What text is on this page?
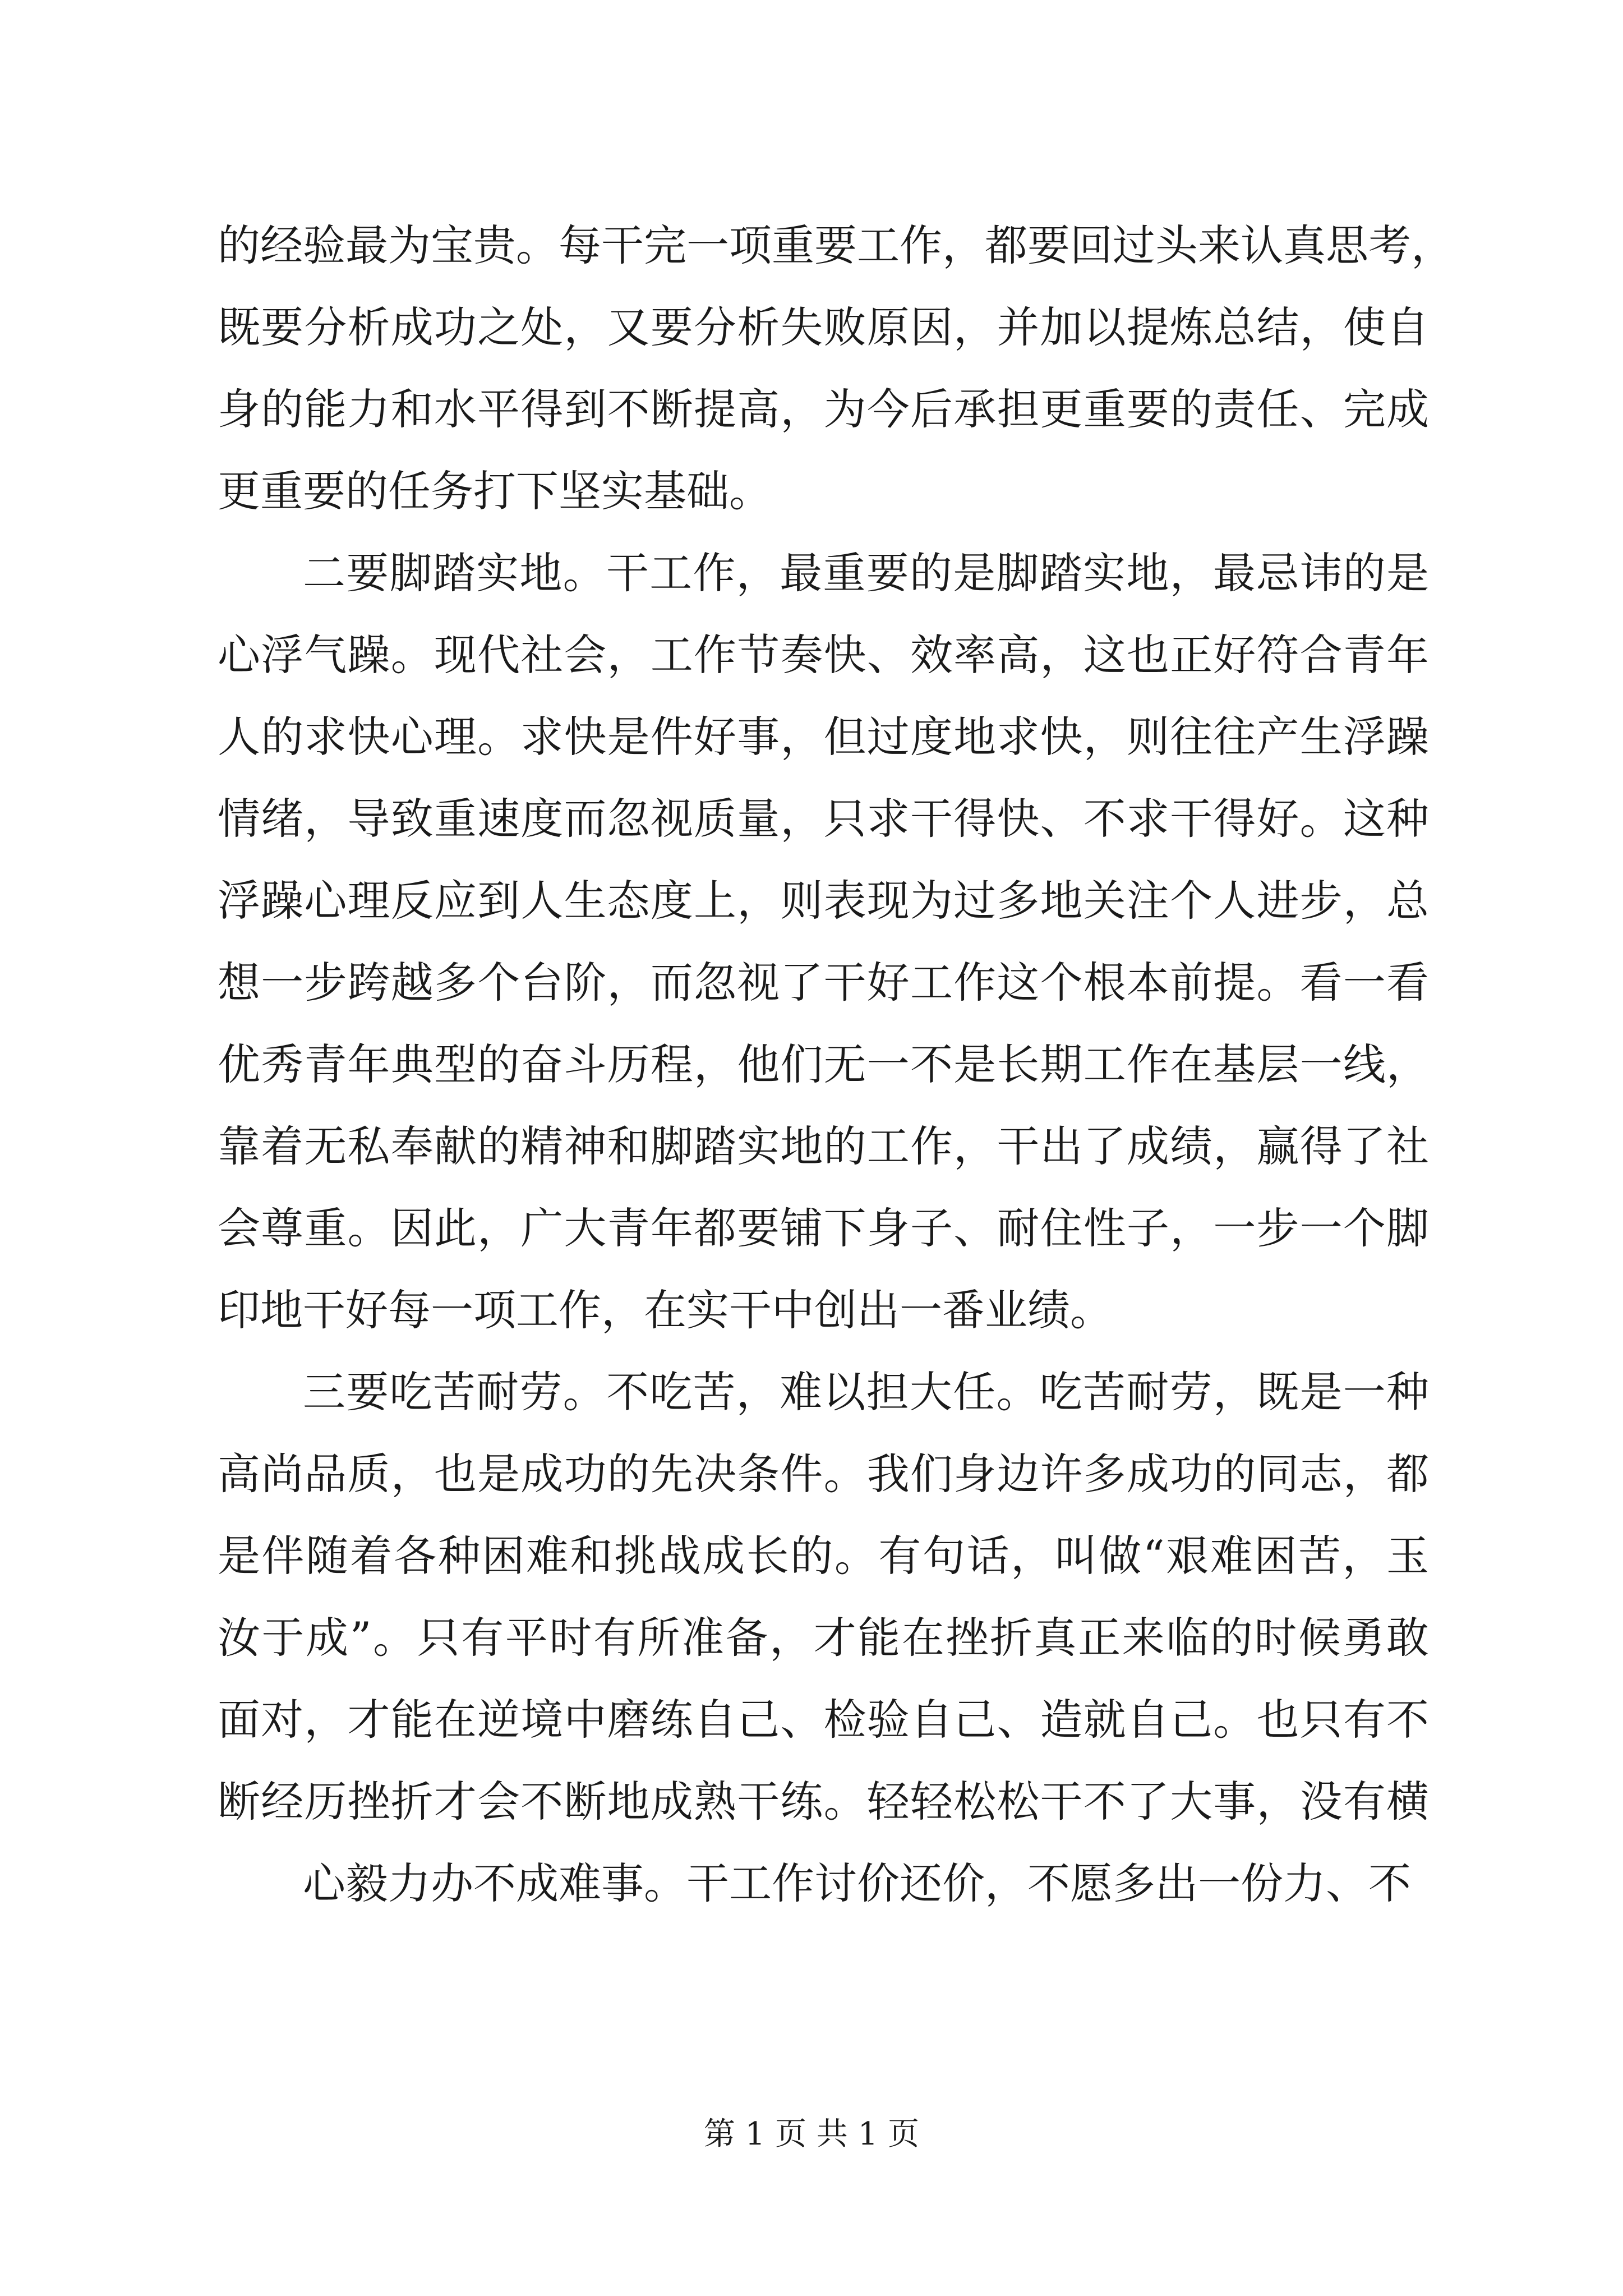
的经验最为宝贵。每干完一项重要工作，都要回过头来认真思考，
既要分析成功之处，又要分析失败原因，并加以提炼总结，使自
身的能力和水平得到不断提高，为今后承担更重要的责任、完成
更重要的任务打下坚实基础。
二要脚踏实地。干工作，最重要的是脚踏实地，最忌讳的是
心浮气躁。现代社会，工作节奏快、效率高，这也正好符合青年
人的求快心理。求快是件好事，但过度地求快，则往往产生浮躁
情绪，导致重速度而忽视质量，只求干得快、不求干得好。这种
浮躁心理反应到人生态度上，则表现为过多地关注个人进步，总
想一步跨越多个台阶，而忽视了干好工作这个根本前提。看一看
优秀青年典型的奋斗历程，他们无一不是长期工作在基层一线，
靠着无私奉献的精神和脚踏实地的工作，干出了成绩，赢得了社
会尊重。因此，广大青年都要铺下身子、耐住性子，一步一个脚
印地干好每一项工作，在实干中创出一番业绩。
三要吃苦耐劳。不吃苦，难以担大任。吃苦耐劳，既是一种
高尚品质，也是成功的先决条件。我们身边许多成功的同志，都
是伴随着各种困难和挑战成长的。有句话，叫做“艰难困苦，玉
汝于成”。只有平时有所准备，才能在挫折真正来临的时候勇敢
面对，才能在逆境中磨练自己、检验自己、造就自己。也只有不
断经历挫折才会不断地成熟干练。轻轻松松干不了大事，没有横
心毅力办不成难事。干工作讨价还价，不愿多出一份力、不
第 1 页 共 1 页
